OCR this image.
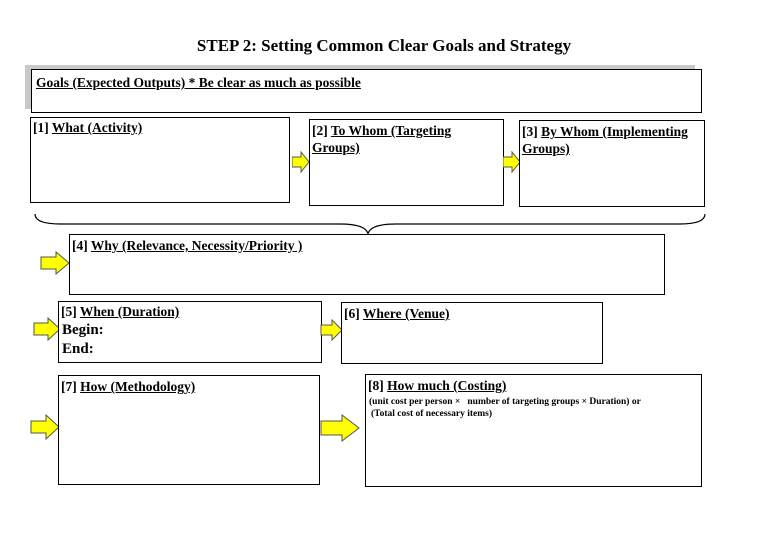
STEP 2: Setting Common Clear Goals and Strategy
Goals (Expected Outputs) * Be clear as much as possible
[1] What (Activity)	[2] To Whom (Targeting
Groups)
[3] By Whom (Implementing
Groups)
[4] Why (Relevance, Necessity/Priority )
[5] When (Duration)
Begin:
End:
[6] Where (Venue)
[7] How (Methodology)	[8] How much (Costing)
(unit cost per person ×   number of targeting groups × Duration) or
(Total cost of necessary items)
